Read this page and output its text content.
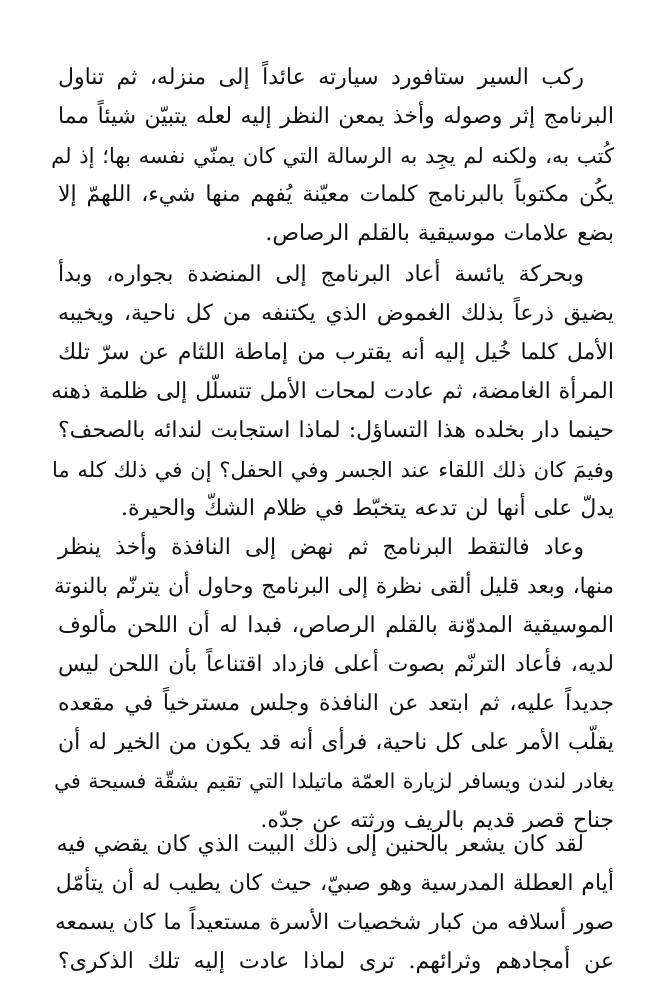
ركب السير ستافورد سيارته عائداً إلى منزله، ثم تناول
البرنامج إثر وصوله وأخذ يمعن النظر إليه لعله يتبيّن شيئاً مما
كُتب به، ولكنه لم يجِد به الرسالة التي كان يمنّي نفسه بها؛ إذ لم
يكُن مكتوباً بالبرنامج كلمات معيّنة يُفهم منها شيء، اللهمّ إلا
بضع علامات موسيقية بالقلم الرصاص.
وبحركة يائسة أعاد البرنامج إلى المنضدة بجواره، وبدأ
يضيق ذرعاً بذلك الغموض الذي يكتنفه من كل ناحية، ويخيبه
الأمل كلما خُيل إليه أنه يقترب من إماطة اللثام عن سرّ تلك
المرأة الغامضة، ثم عادت لمحات الأمل تتسلّل إلى ظلمة ذهنه
حينما دار بخلده هذا التساؤل: لماذا استجابت لندائه بالصحف؟
وفيمَ كان ذلك اللقاء عند الجسر وفي الحفل؟ إن في ذلك كله ما
يدلّ على أنها لن تدعه يتخبّط في ظلام الشكّ والحيرة.
وعاد فالتقط البرنامج ثم نهض إلى النافذة وأخذ ينظر
منها، وبعد قليل ألقى نظرة إلى البرنامج وحاول أن يترنّم بالنوتة
الموسيقية المدوّنة بالقلم الرصاص، فبدا له أن اللحن مألوف
لديه، فأعاد الترنّم بصوت أعلى فازداد اقتناعاً بأن اللحن ليس
جديداً عليه، ثم ابتعد عن النافذة وجلس مسترخياً في مقعده
يقلّب الأمر على كل ناحية، فرأى أنه قد يكون من الخير له أن
يغادر لندن ويسافر لزيارة العمّة ماتيلدا التي تقيم بشقّة فسيحة في
جناح قصر قديم بالريف ورثته عن جدّه.
لقد كان يشعر بالحنين إلى ذلك البيت الذي كان يقضي فيه
أيام العطلة المدرسية وهو صبيّ، حيث كان يطيب له أن يتأمّل
صور أسلافه من كبار شخصيات الأسرة مستعيداً ما كان يسمعه
عن أمجادهم وثرائهم. ترى لماذا عادت إليه تلك الذكرى؟
